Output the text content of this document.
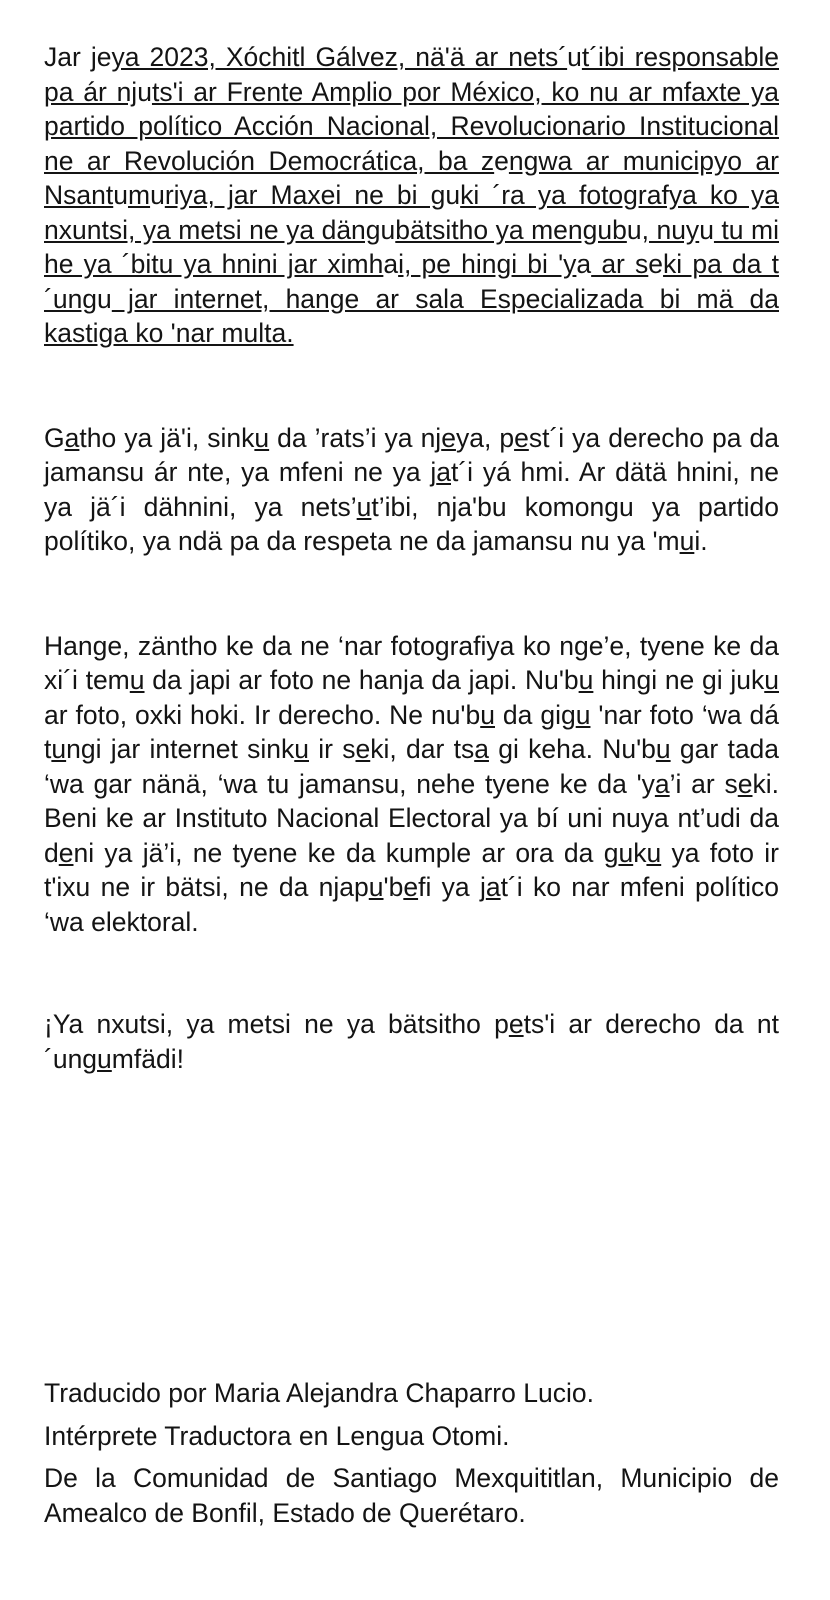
Jar jeya 2023, Xóchitl Gálvez, nä'ä ar nets´ut´ibi responsable pa ár njuts'i ar Frente Amplio por México, ko nu ar mfaxte ya partido político Acción Nacional, Revolucionario Institucional ne ar Revolución Democrática, ba zengwa ar municipyo ar Nsantumuriya, jar Maxei ne bi guki ´ra ya fotografya ko ya nxuntsi, ya metsi ne ya dängubätsitho ya mengubu, nuyu tu mi he ya ´bitu ya hnini jar ximhai, pe hingi bi 'ya ar seki pa da t´ungu jar internet, hange ar sala Especializada bi mä da kastiga ko 'nar multa.

Gatho ya jä'i, sinku da ’rats’i ya njeya, pest´i ya derecho pa da jamansu ár nte, ya mfeni ne ya jat´i yá hmi. Ar dätä hnini, ne ya jä´i dähnini, ya nets’ut’ibi, nja'bu komongu ya partido polítiko, ya ndä pa da respeta ne da jamansu nu ya 'mui.

Hange, zäntho ke da ne ‘nar fotografiya ko nge’e, tyene ke da xi´i temu da japi ar foto ne hanja da japi. Nu'bu hingi ne gi juku ar foto, oxki hoki. Ir derecho. Ne nu'bu da gigu 'nar foto ‘wa dá tungi jar internet sinku ir seki, dar tsa gi keha. Nu'bu gar tada ‘wa gar nänä, ‘wa tu jamansu, nehe tyene ke da 'ya’i ar seki. Beni ke ar Instituto Nacional Electoral ya bí uni nuya nt’udi da deni ya jä’i, ne tyene ke da kumple ar ora da guku ya foto ir t'ixu ne ir bätsi, ne da njapu'befi ya jat´i ko nar mfeni político ‘wa elektoral.

¡Ya nxutsi, ya metsi ne ya bätsitho pets'i ar derecho da nt´ungumfädi!

Traducido por Maria Alejandra Chaparro Lucio.

Intérprete Traductora en Lengua Otomi.

De la Comunidad de Santiago Mexquititlan, Municipio de Amealco de Bonfil, Estado de Querétaro.
